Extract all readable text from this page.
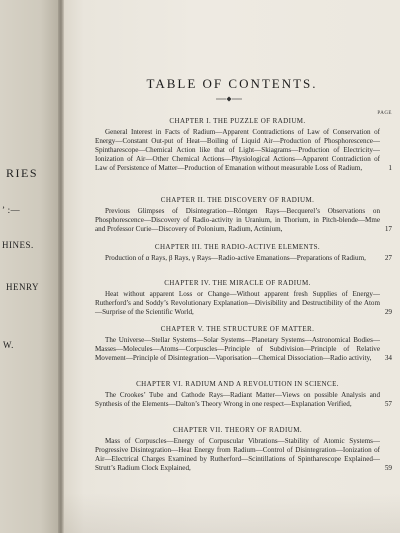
RIES
’ :—
HINES.
HENRY
W.
TABLE OF CONTENTS.
PAGE
CHAPTER I. THE PUZZLE OF RADIUM.
General Interest in Facts of Radium—Apparent Contradictions of Law of Conservation of Energy—Constant Out-put of Heat—Boiling of Liquid Air—Production of Phosphorescence—Spintharescope—Chemical Action like that of Light—Skiagrams—Production of Electricity—Ionization of Air—Other Chemical Actions—Physiological Actions—Apparent Contradiction of Law of Persistence of Matter—Production of Emanation without measurable Loss of Radium,	1
CHAPTER II. THE DISCOVERY OF RADIUM.
Previous Glimpses of Disintegration—Röntgen Rays—Becquerel’s Observations on Phosphorescence—Discovery of Radio-activity in Uranium, in Thorium, in Pitch-blende—Mme and Professor Curie—Discovery of Polonium, Radium, Actinium,	17
CHAPTER III. THE RADIO-ACTIVE ELEMENTS.
Production of α Rays, β Rays, γ Rays—Radio-active Emanations—Preparations of Radium,	27
CHAPTER IV. THE MIRACLE OF RADIUM.
Heat without apparent Loss or Change—Without apparent fresh Supplies of Energy—Rutherford’s and Soddy’s Revolutionary Explanation—Divisibility and Destructibility of the Atom—Surprise of the Scientific World,	29
CHAPTER V. THE STRUCTURE OF MATTER.
The Universe—Stellar Systems—Solar Systems—Planetary Systems—Astronomical Bodies—Masses—Molecules—Atoms—Corpuscles—Principle of Subdivision—Principle of Relative Movement—Principle of Disintegration—Vaporisation—Chemical Dissociation—Radio activity,	34
CHAPTER VI. RADIUM AND A REVOLUTION IN SCIENCE.
The Crookes’ Tube and Cathode Rays—Radiant Matter—Views on possible Analysis and Synthesis of the Elements—Dalton’s Theory Wrong in one respect—Explanation Verified,	57
CHAPTER VII. THEORY OF RADIUM.
Mass of Corpuscles—Energy of Corpuscular Vibrations—Stability of Atomic Systems—Progressive Disintegration—Heat Energy from Radium—Control of Disintegration—Ionization of Air—Electrical Charges Examined by Rutherford—Scintillations of Spintharescope Explained—Strutt’s Radium Clock Explained,	59
